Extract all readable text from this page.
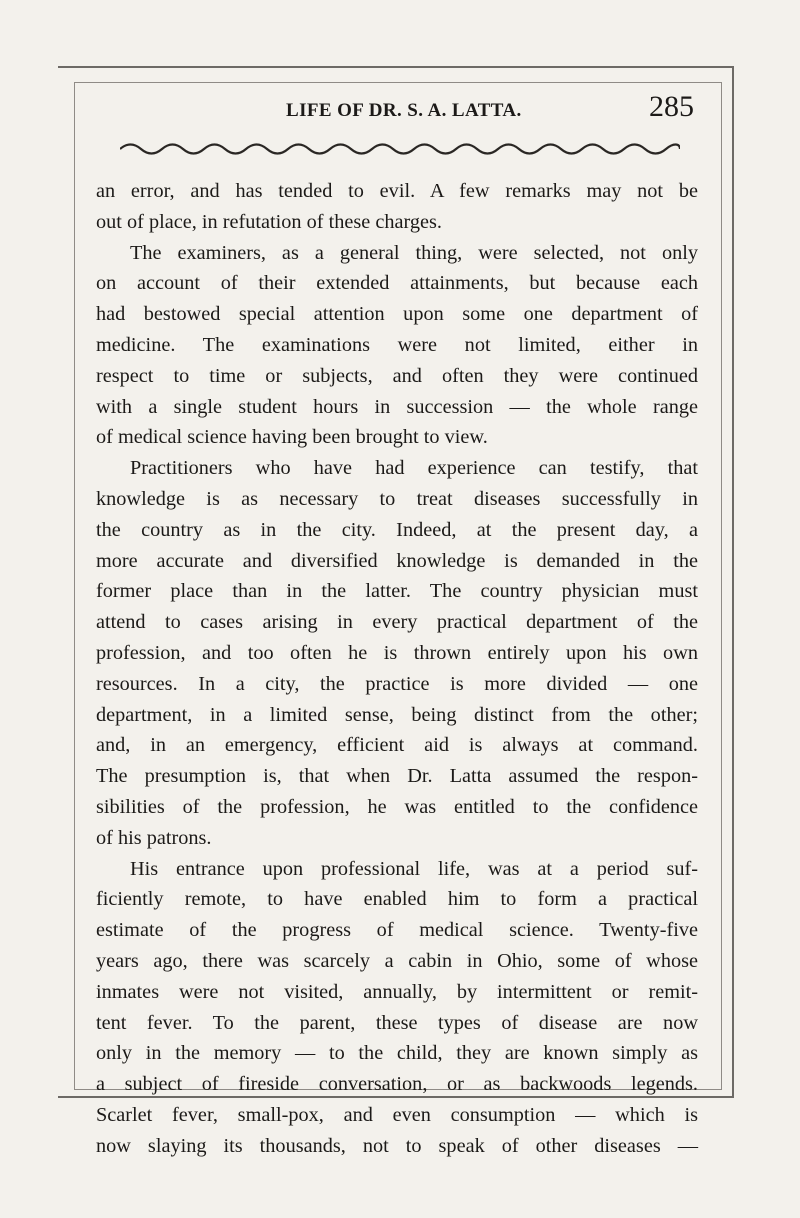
LIFE OF DR. S. A. LATTA.	285
an error, and has tended to evil. A few remarks may not be
out of place, in refutation of these charges.
The examiners, as a general thing, were selected, not only
on account of their extended attainments, but because each
had bestowed special attention upon some one department of
medicine. The examinations were not limited, either in
respect to time or subjects, and often they were continued
with a single student hours in succession — the whole range
of medical science having been brought to view.
Practitioners who have had experience can testify, that
knowledge is as necessary to treat diseases successfully in
the country as in the city. Indeed, at the present day, a
more accurate and diversified knowledge is demanded in the
former place than in the latter. The country physician must
attend to cases arising in every practical department of the
profession, and too often he is thrown entirely upon his own
resources. In a city, the practice is more divided — one
department, in a limited sense, being distinct from the other;
and, in an emergency, efficient aid is always at command.
The presumption is, that when Dr. Latta assumed the respon-
sibilities of the profession, he was entitled to the confidence
of his patrons.
His entrance upon professional life, was at a period suf-
ficiently remote, to have enabled him to form a practical
estimate of the progress of medical science. Twenty-five
years ago, there was scarcely a cabin in Ohio, some of whose
inmates were not visited, annually, by intermittent or remit-
tent fever. To the parent, these types of disease are now
only in the memory — to the child, they are known simply as
a subject of fireside conversation, or as backwoods legends.
Scarlet fever, small-pox, and even consumption — which is
now slaying its thousands, not to speak of other diseases —
